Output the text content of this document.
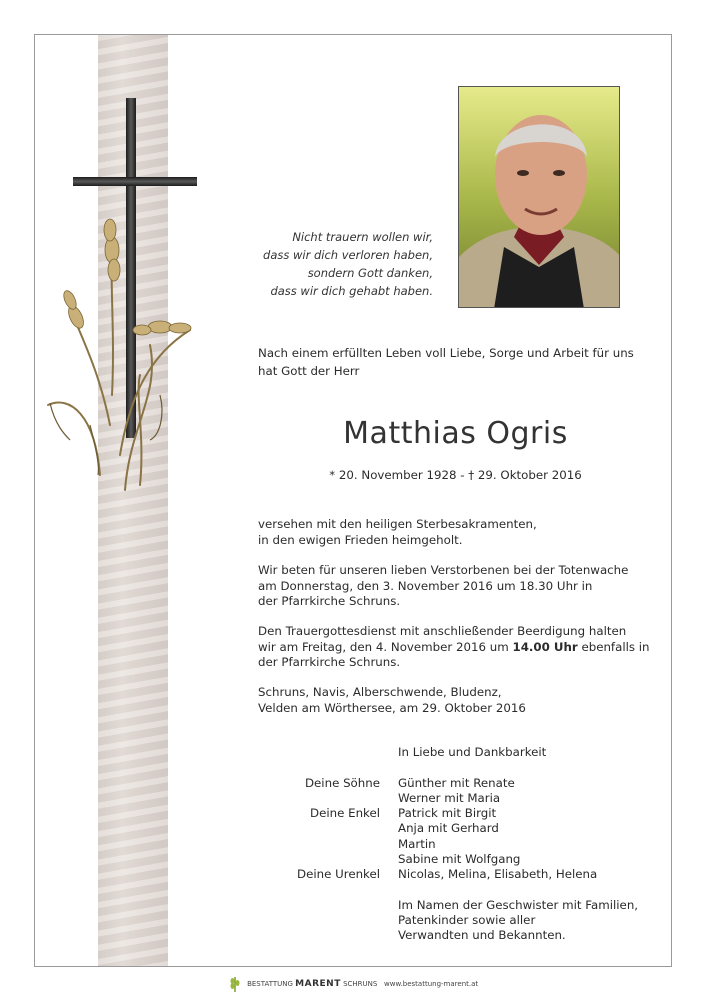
Nicht trauern wollen wir,
dass wir dich verloren haben,
sondern Gott danken,
dass wir dich gehabt haben.
Nach einem erfüllten Leben voll Liebe, Sorge und Arbeit für uns hat Gott der Herr
Matthias Ogris
* 20. November 1928 - † 29. Oktober 2016
versehen mit den heiligen Sterbesakramenten,
in den ewigen Frieden heimgeholt.
Wir beten für unseren lieben Verstorbenen bei der Totenwache
am Donnerstag, den 3. November 2016 um 18.30 Uhr in
der Pfarrkirche Schruns.
Den Trauergottesdienst mit anschließender Beerdigung halten
wir am Freitag, den 4. November 2016 um 14.00 Uhr ebenfalls in
der Pfarrkirche Schruns.
Schruns, Navis, Alberschwende, Bludenz,
Velden am Wörthersee, am 29. Oktober 2016
In Liebe und Dankbarkeit
Deine Söhne Günther mit Renate
Werner mit Maria
Deine Enkel Patrick mit Birgit
Anja mit Gerhard
Martin
Sabine mit Wolfgang
Deine Urenkel Nicolas, Melina, Elisabeth, Helena
Im Namen der Geschwister mit Familien,
Patenkinder sowie aller
Verwandten und Bekannten.
BESTATTUNG MARENT SCHRUNS www.bestattung-marent.at
